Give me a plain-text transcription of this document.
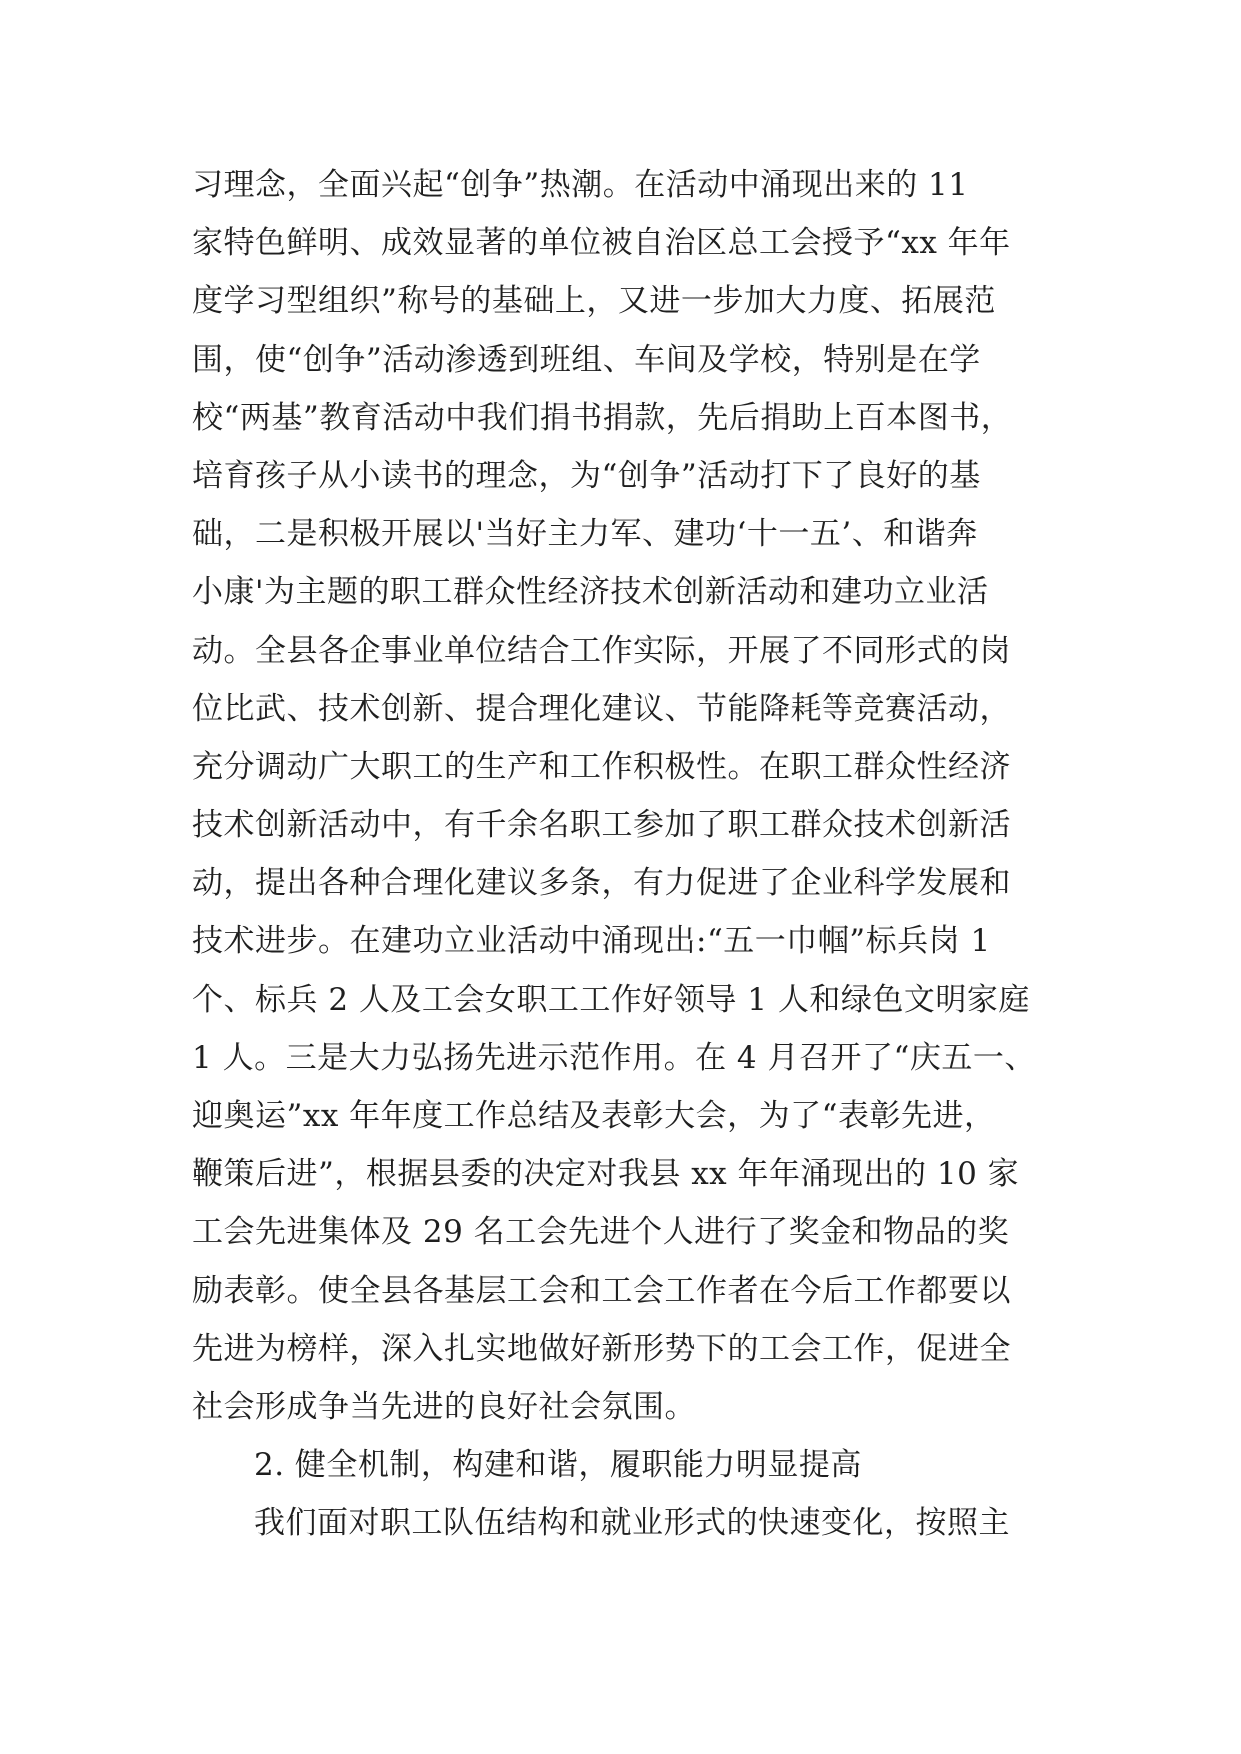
习理念，全面兴起“创争”热潮。在活动中涌现出来的 11
家特色鲜明、成效显著的单位被自治区总工会授予“xx 年年
度学习型组织”称号的基础上，又进一步加大力度、拓展范
围，使“创争”活动渗透到班组、车间及学校，特别是在学
校“两基”教育活动中我们捐书捐款，先后捐助上百本图书，
培育孩子从小读书的理念，为“创争”活动打下了良好的基
础，二是积极开展以'当好主力军、建功‘十一五’、和谐奔
小康'为主题的职工群众性经济技术创新活动和建功立业活
动。全县各企事业单位结合工作实际，开展了不同形式的岗
位比武、技术创新、提合理化建议、节能降耗等竞赛活动，
充分调动广大职工的生产和工作积极性。在职工群众性经济
技术创新活动中，有千余名职工参加了职工群众技术创新活
动，提出各种合理化建议多条，有力促进了企业科学发展和
技术进步。在建功立业活动中涌现出:“五一巾帼”标兵岗 1
个、标兵 2 人及工会女职工工作好领导 1 人和绿色文明家庭
1 人。三是大力弘扬先进示范作用。在 4 月召开了“庆五一、
迎奥运”xx 年年度工作总结及表彰大会，为了“表彰先进，
鞭策后进”，根据县委的决定对我县 xx 年年涌现出的 10 家
工会先进集体及 29 名工会先进个人进行了奖金和物品的奖
励表彰。使全县各基层工会和工会工作者在今后工作都要以
先进为榜样，深入扎实地做好新形势下的工会工作，促进全
社会形成争当先进的良好社会氛围。
2. 健全机制，构建和谐，履职能力明显提高
我们面对职工队伍结构和就业形式的快速变化，按照主
